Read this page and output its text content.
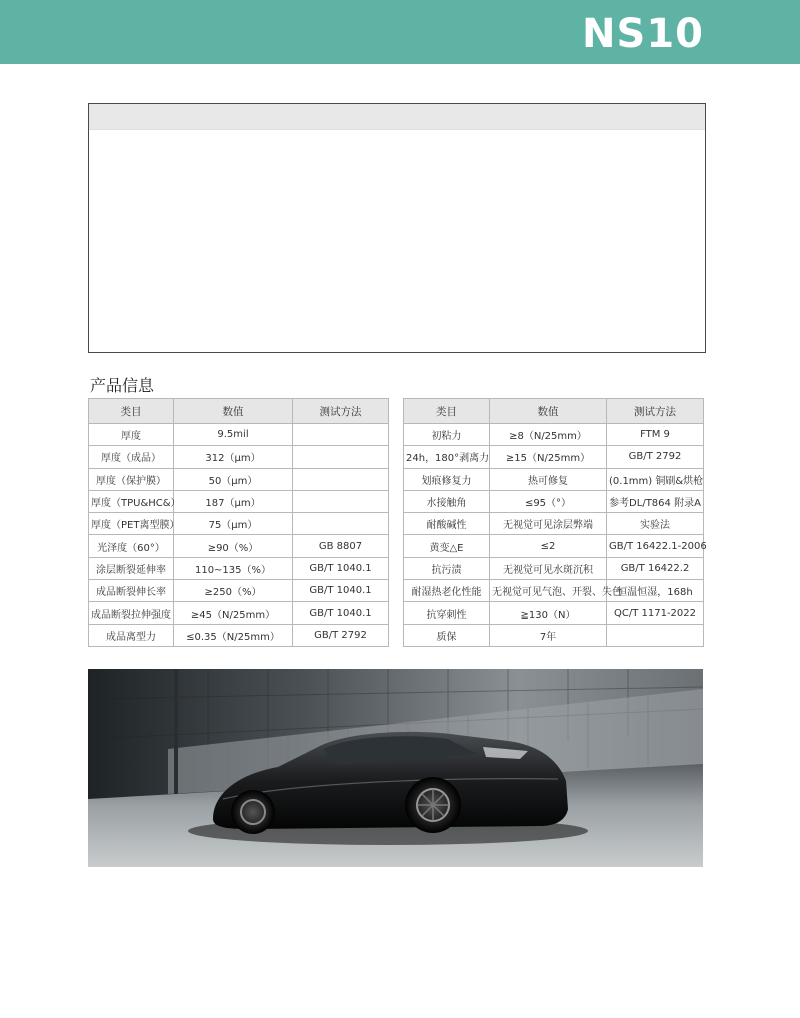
NS10
产品信息
类目	数值	测试方法
厚度	9.5mil	
厚度（成品）	312（μm）	
厚度（保护膜）	50（μm）	
厚度（TPU&HC&）	187（μm）	
厚度（PET离型膜）	75（μm）	
光泽度（60°）	≥90（%）	GB 8807
涂层断裂延伸率	110~135（%）	GB/T 1040.1
成品断裂伸长率	≥250（%）	GB/T 1040.1
成品断裂拉伸强度	≥45（N/25mm）	GB/T 1040.1
成品离型力	≤0.35（N/25mm）	GB/T 2792
类目	数值	测试方法
初粘力	≥8（N/25mm）	FTM 9
24h，180°剥离力	≥15（N/25mm）	GB/T 2792
划痕修复力	热可修复	(0.1mm) 铜刷&烘枪
水接触角	≤95（°）	参考DL/T864 附录A
耐酸碱性	无视觉可见涂层弊端	实验法
黄变△E	≤2	GB/T 16422.1-2006
抗污渍	无视觉可见水斑沉积	GB/T 16422.2
耐湿热老化性能	无视觉可见气泡、开裂、失色	恒温恒湿，168h
抗穿刺性	≧130（N）	QC/T 1171-2022
质保	7年	
